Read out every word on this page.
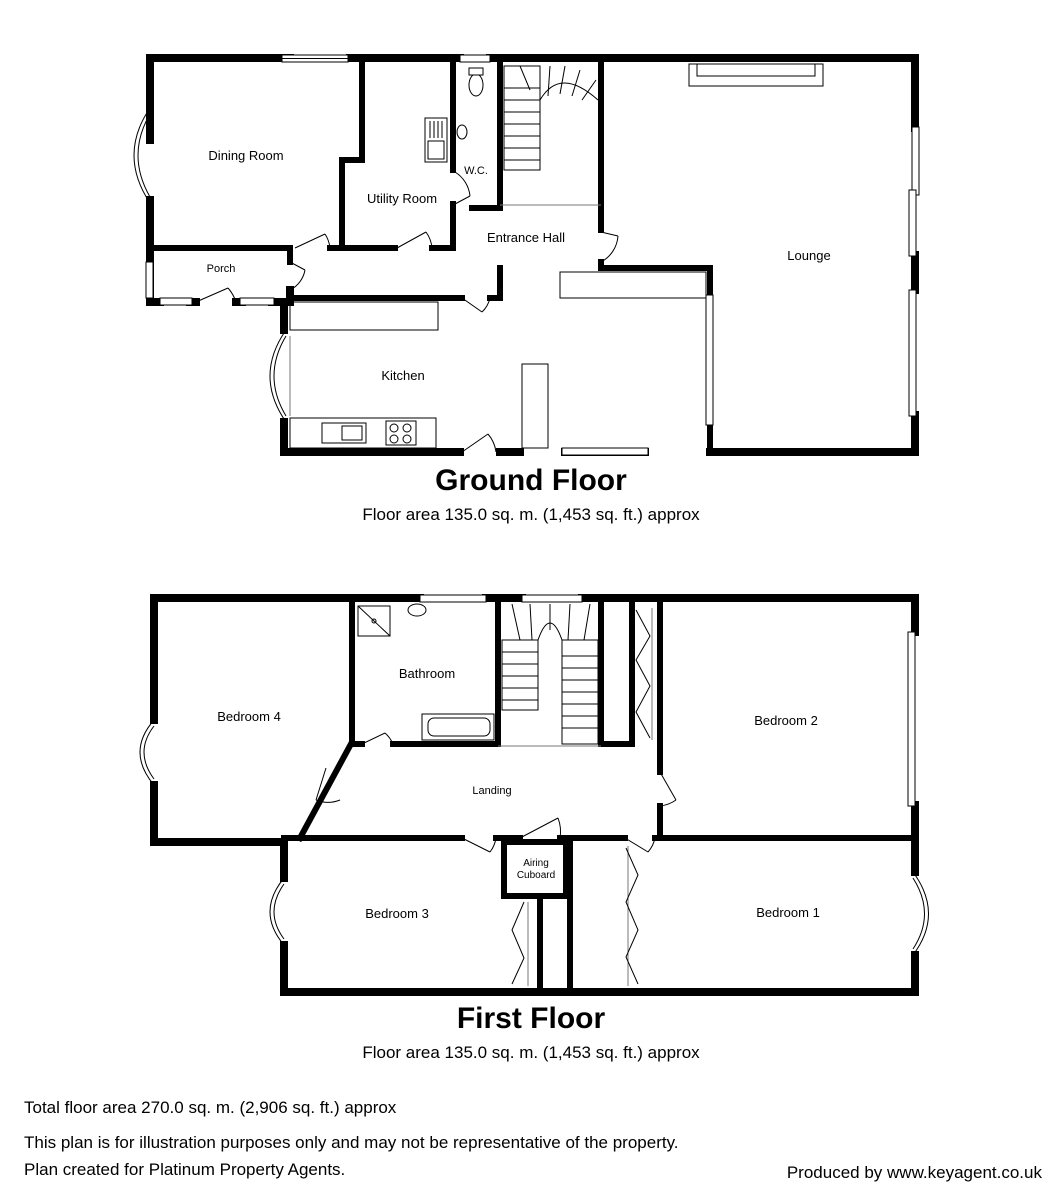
Dining Room
Utility Room
W.C.
Entrance Hall
Lounge
Porch
Kitchen
Ground Floor
Floor area 135.0 sq. m. (1,453 sq. ft.) approx
Bathroom
Bedroom 4	Bedroom 2
Landing
Airing
Cuboard
Bedroom 3	Bedroom 1
First Floor
Floor area 135.0 sq. m. (1,453 sq. ft.) approx
Total floor area 270.0 sq. m. (2,906 sq. ft.) approx
This plan is for illustration purposes only and may not be representative of the property.
Plan created for Platinum Property Agents.	Produced by www.keyagent.co.uk
